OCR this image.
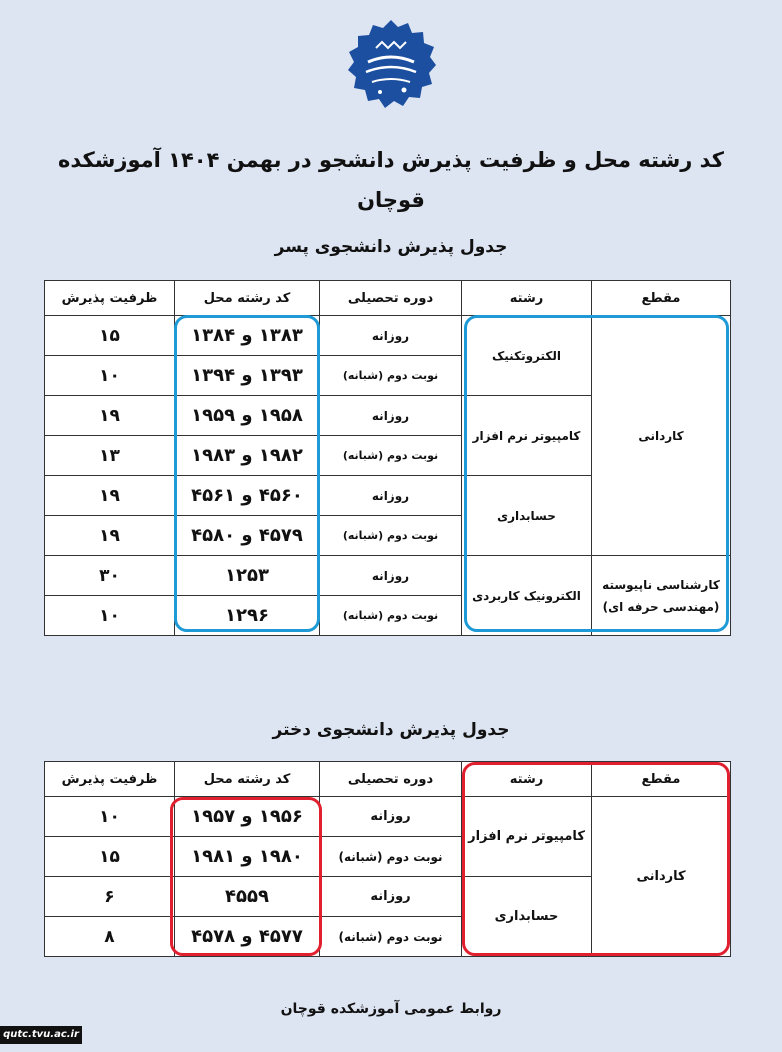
کد رشته محل و ظرفیت پذیرش دانشجو در بهمن ۱۴۰۴ آموزشکده قوچان
جدول پذیرش دانشجوی پسر
ظرفیت پذیرش	کد رشته محل	دوره تحصیلی	رشته	مقطع
۱۵	۱۳۸۳ و ۱۳۸۴	روزانه	الکتروتکنیک	کاردانی
۱۰	۱۳۹۳ و ۱۳۹۴	نوبت دوم (شبانه)		
۱۹	۱۹۵۸ و ۱۹۵۹	روزانه	کامپیوتر نرم افزار	
۱۳	۱۹۸۲ و ۱۹۸۳	نوبت دوم (شبانه)		
۱۹	۴۵۶۰ و ۴۵۶۱	روزانه	حسابداری	
۱۹	۴۵۷۹ و ۴۵۸۰	نوبت دوم (شبانه)		
۳۰	۱۲۵۳	روزانه	الکترونیک کاربردی	کارشناسی ناپیوسته
(مهندسی حرفه ای)

۱۰	۱۲۹۶	نوبت دوم (شبانه)		
جدول پذیرش دانشجوی دختر
ظرفیت پذیرش	کد رشته محل	دوره تحصیلی	رشته	مقطع
۱۰	۱۹۵۶ و ۱۹۵۷	روزانه	کامپیوتر نرم افزار	کاردانی
۱۵	۱۹۸۰ و ۱۹۸۱	نوبت دوم (شبانه)		
۶	۴۵۵۹	روزانه	حسابداری	
۸	۴۵۷۷ و ۴۵۷۸	نوبت دوم (شبانه)		
روابط عمومی آموزشکده قوچان
qutc.tvu.ac.ir
